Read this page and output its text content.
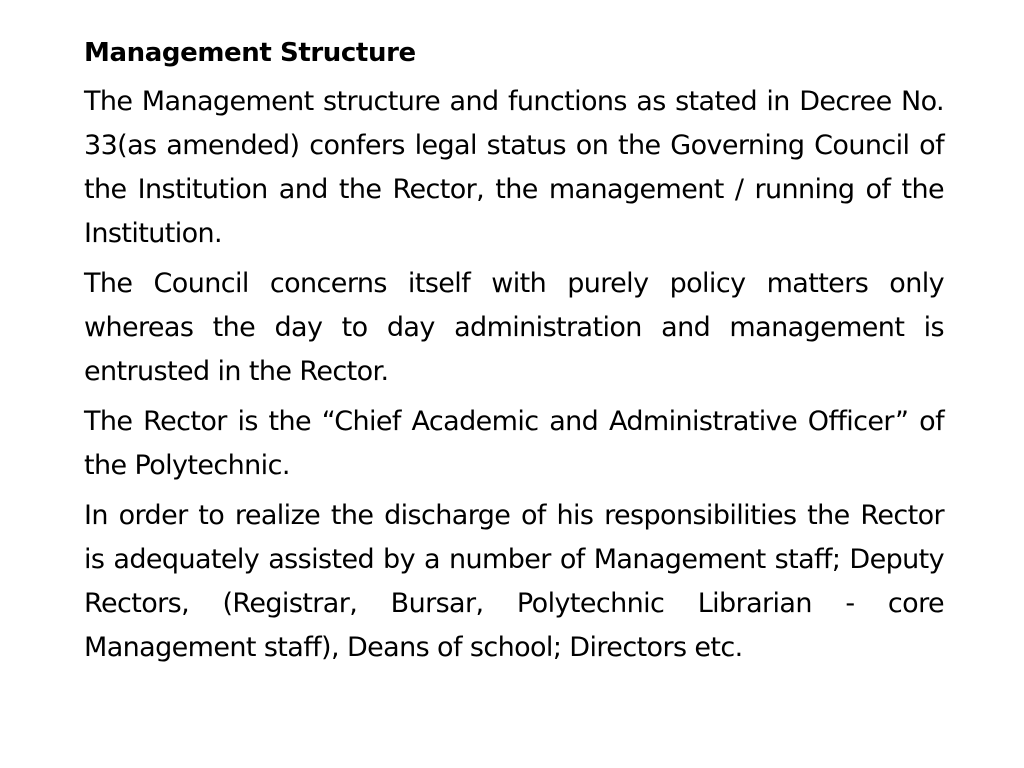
Management Structure

The Management structure and functions as stated in Decree No. 33(as amended) confers legal status on the Governing Council of the Institution and the Rector, the management / running of the Institution.

The Council concerns itself with purely policy matters only whereas the day to day administration and management is entrusted in the Rector.

The Rector is the “Chief Academic and Administrative Officer” of the Polytechnic.

In order to realize the discharge of his responsibilities the Rector is adequately assisted by a number of Management staff; Deputy Rectors, (Registrar, Bursar, Polytechnic Librarian - core Management staff), Deans of school; Directors etc.
